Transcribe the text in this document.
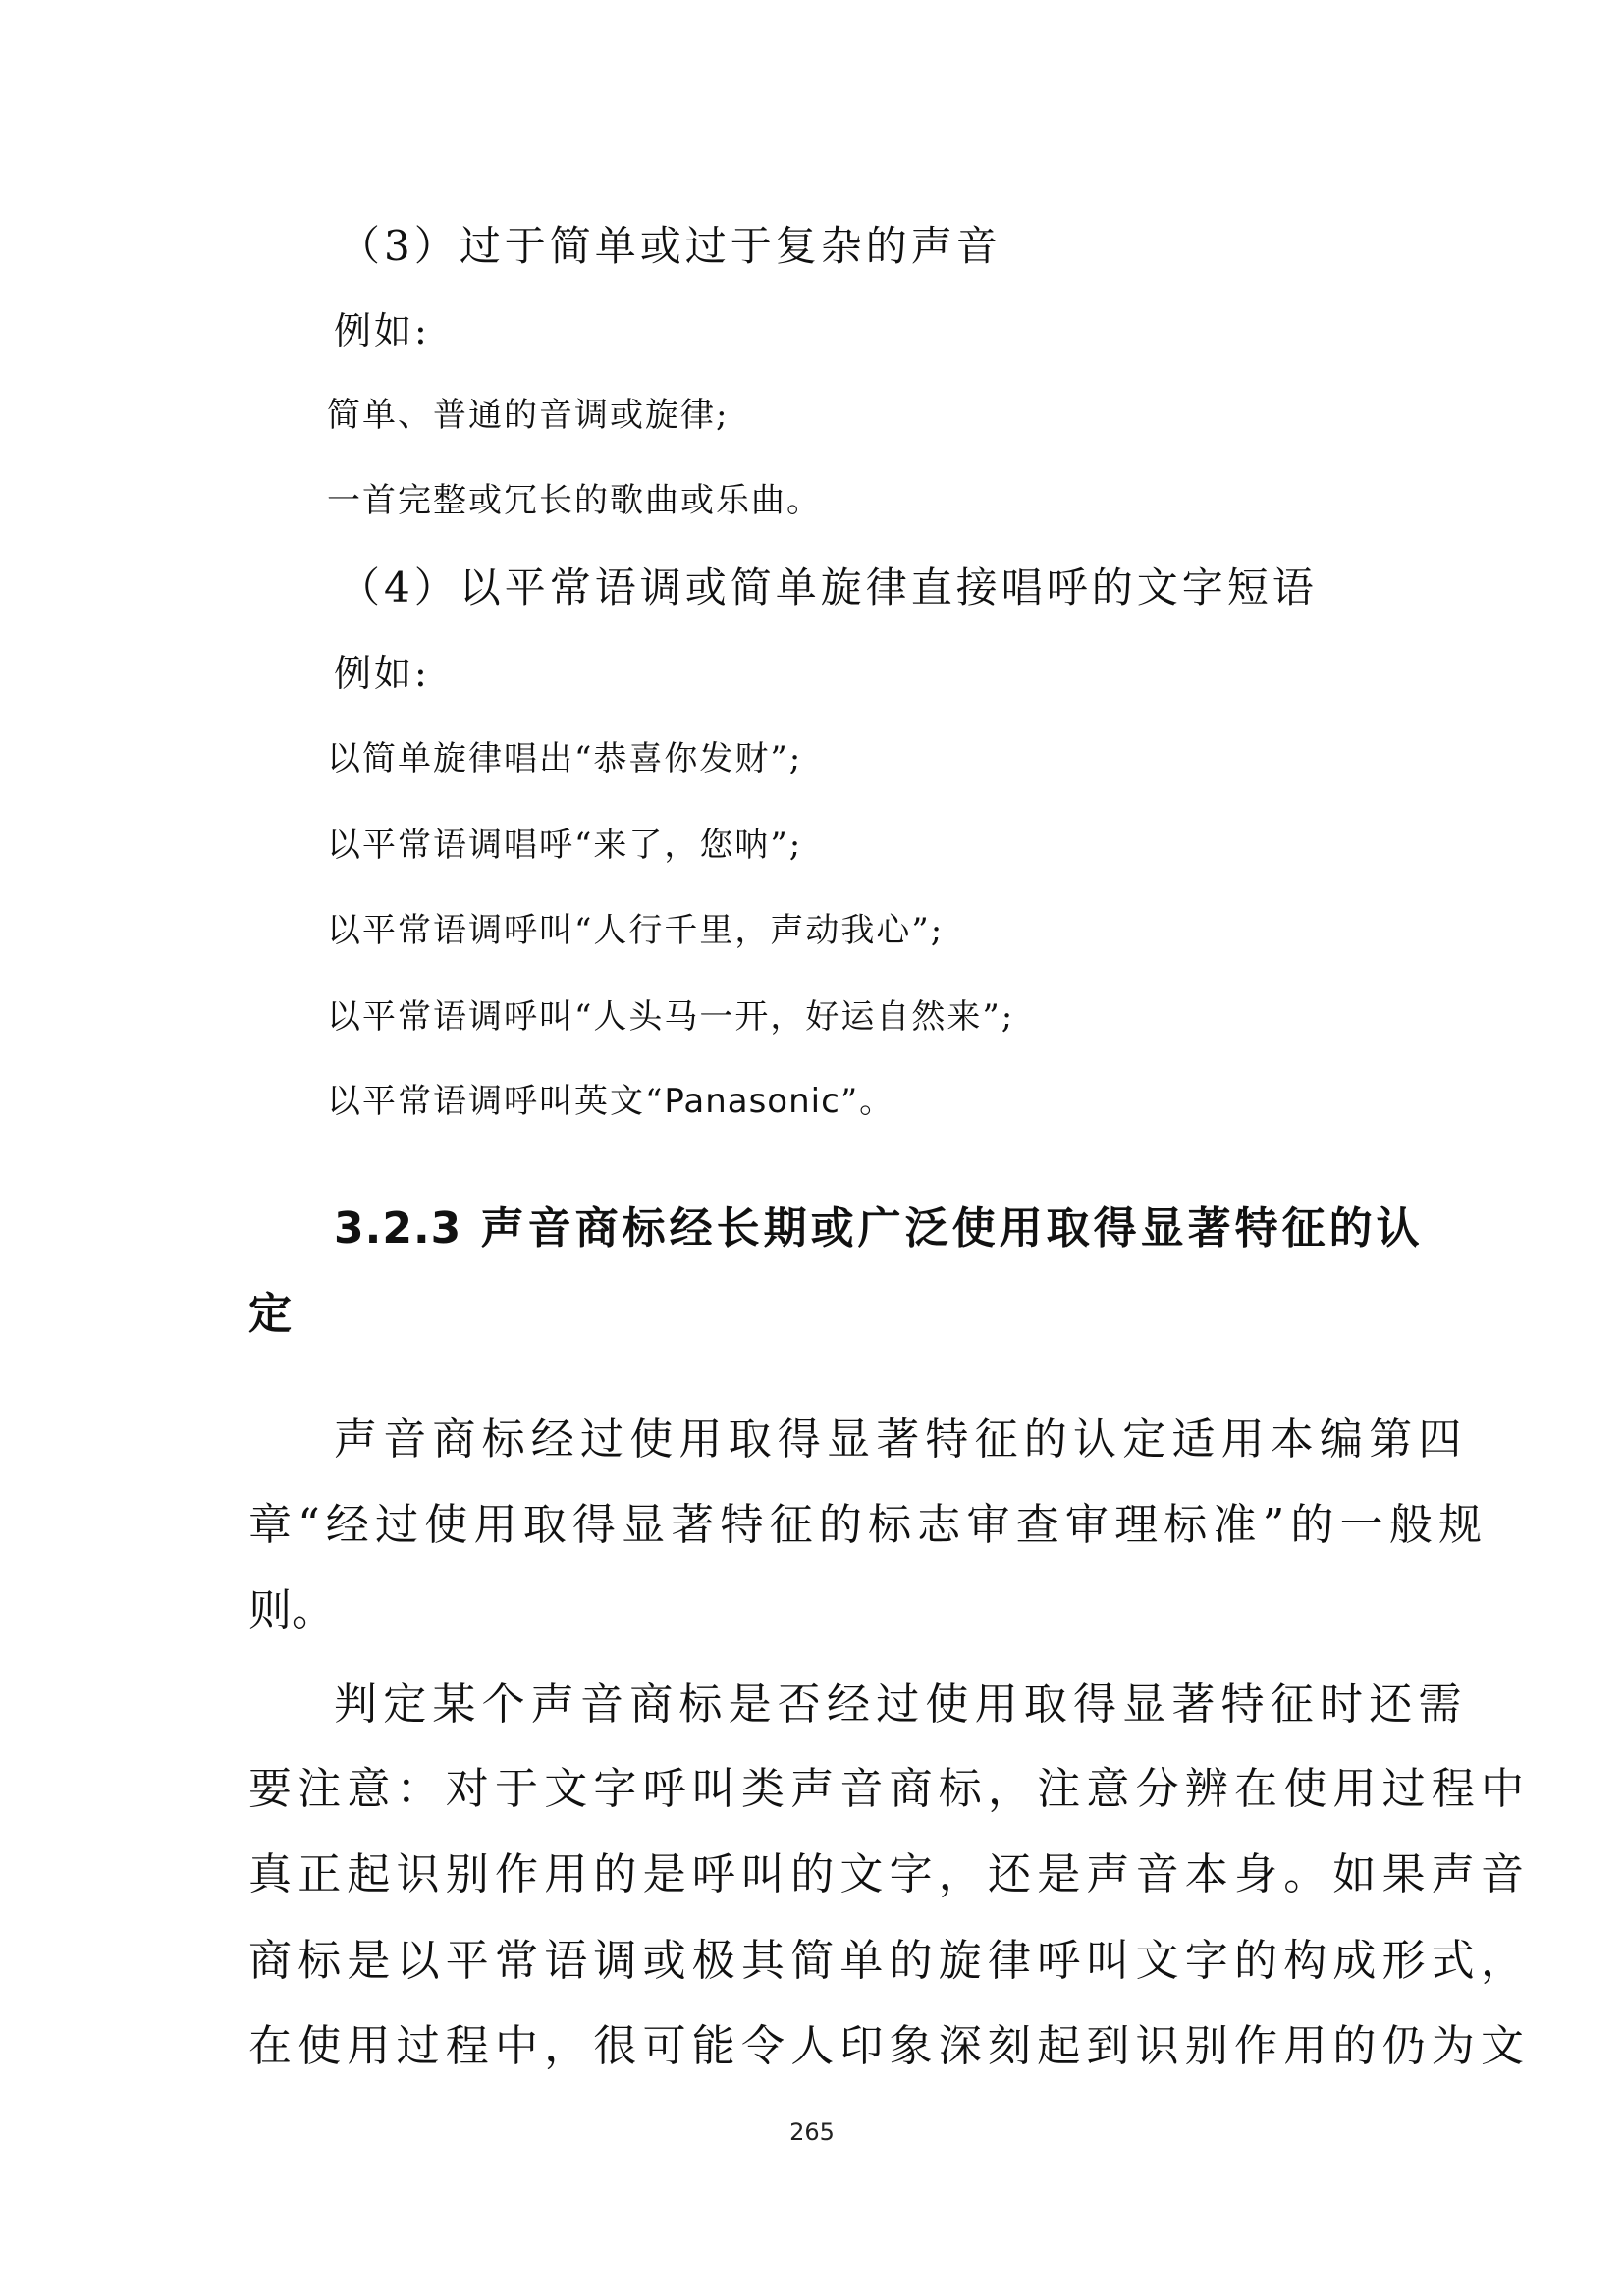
（3）过于简单或过于复杂的声音
例如:
简单、普通的音调或旋律;
一首完整或冗长的歌曲或乐曲。
（4）以平常语调或简单旋律直接唱呼的文字短语
例如:
以简单旋律唱出“恭喜你发财”;
以平常语调唱呼“来了，您呐”;
以平常语调呼叫“人行千里，声动我心”;
以平常语调呼叫“人头马一开，好运自然来”;
以平常语调呼叫英文“Panasonic”。
3.2.3 声音商标经长期或广泛使用取得显著特征的认
定
声音商标经过使用取得显著特征的认定适用本编第四
章“经过使用取得显著特征的标志审查审理标准”的一般规
则。
判定某个声音商标是否经过使用取得显著特征时还需
要注意：对于文字呼叫类声音商标，注意分辨在使用过程中
真正起识别作用的是呼叫的文字，还是声音本身。如果声音
商标是以平常语调或极其简单的旋律呼叫文字的构成形式，
在使用过程中，很可能令人印象深刻起到识别作用的仍为文
265
